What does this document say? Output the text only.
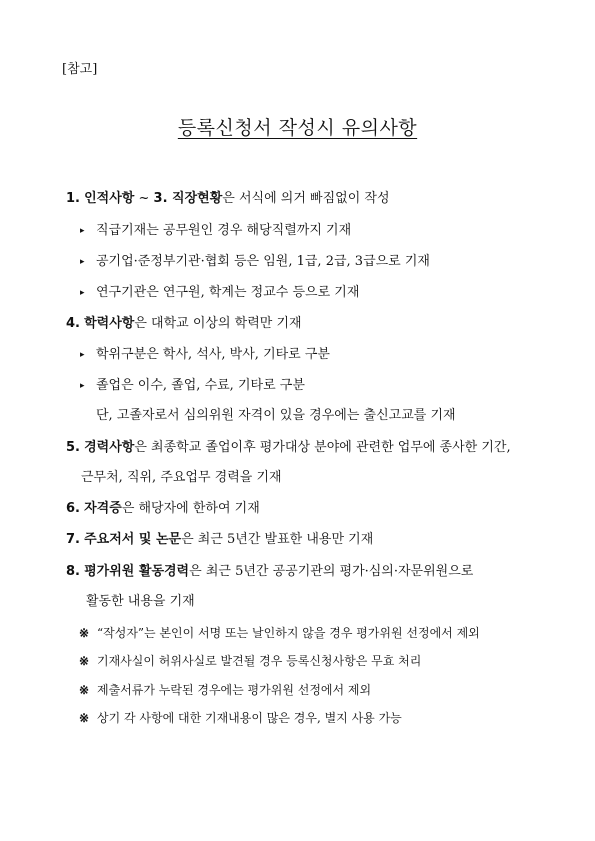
[참고]
등록신청서 작성시 유의사항
1. 인적사항 ~ 3. 직장현황은 서식에 의거 빠짐없이 작성
▸ 직급기재는 공무원인 경우 해당직렬까지 기재
▸ 공기업·준정부기관·협회 등은 임원, 1급, 2급, 3급으로 기재
▸ 연구기관은 연구원, 학계는 정교수 등으로 기재
4. 학력사항은 대학교 이상의 학력만 기재
▸ 학위구분은 학사, 석사, 박사, 기타로 구분
▸ 졸업은 이수, 졸업, 수료, 기타로 구분
단, 고졸자로서 심의위원 자격이 있을 경우에는 출신고교를 기재
5. 경력사항은 최종학교 졸업이후 평가대상 분야에 관련한 업무에 종사한 기간,
근무처, 직위, 주요업무 경력을 기재
6. 자격증은 해당자에 한하여 기재
7. 주요저서 및 논문은 최근 5년간 발표한 내용만 기재
8. 평가위원 활동경력은 최근 5년간 공공기관의 평가·심의·자문위원으로
활동한 내용을 기재
※ “작성자”는 본인이 서명 또는 날인하지 않을 경우 평가위원 선정에서 제외
※ 기재사실이 허위사실로 발견될 경우 등록신청사항은 무효 처리
※ 제출서류가 누락된 경우에는 평가위원 선정에서 제외
※ 상기 각 사항에 대한 기재내용이 많은 경우, 별지 사용 가능
